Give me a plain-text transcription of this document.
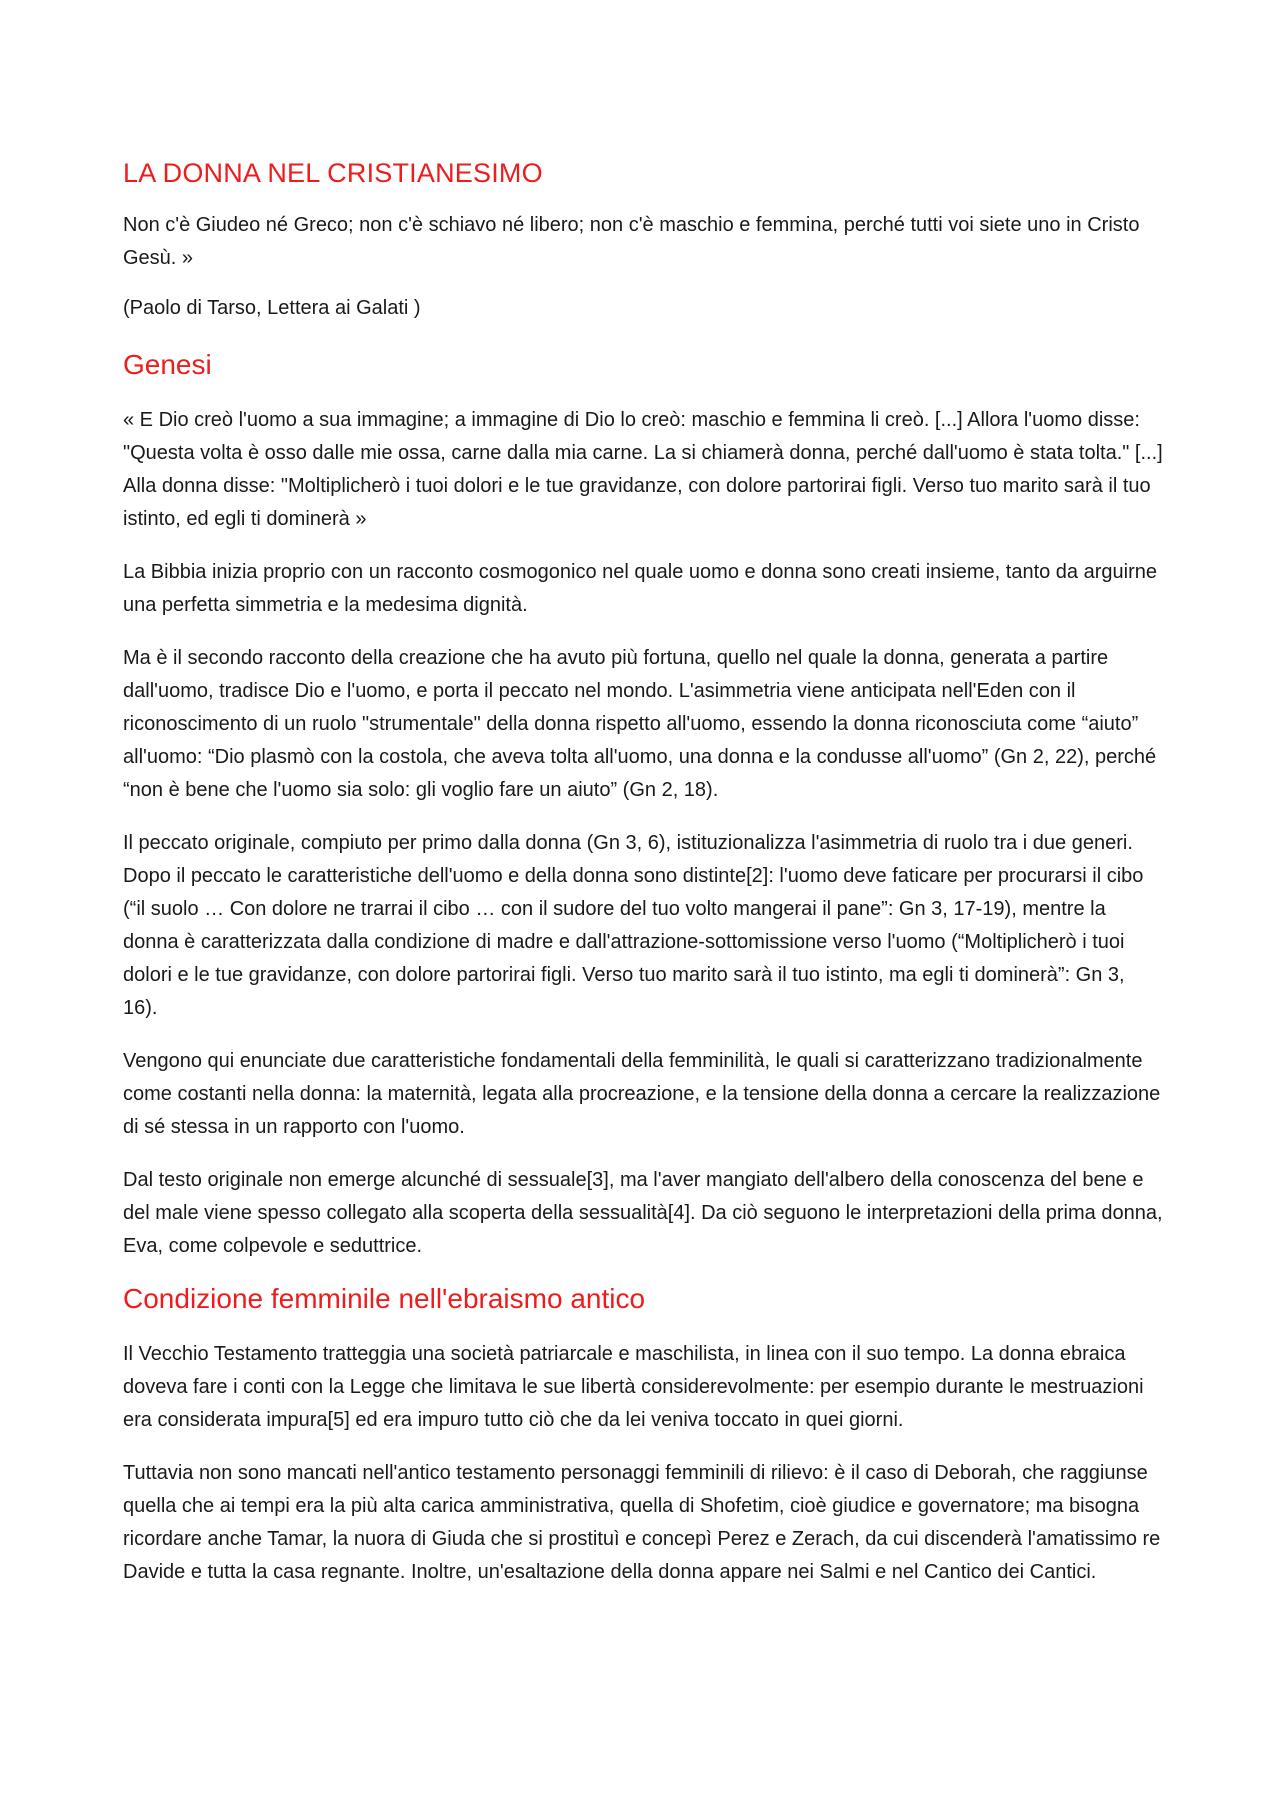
LA DONNA NEL CRISTIANESIMO

Non c'è Giudeo né Greco; non c'è schiavo né libero; non c'è maschio e femmina, perché tutti voi siete uno in Cristo Gesù. »

(Paolo di Tarso, Lettera ai Galati )

Genesi

« E Dio creò l'uomo a sua immagine; a immagine di Dio lo creò: maschio e femmina li creò. [...] Allora l'uomo disse: "Questa volta è osso dalle mie ossa, carne dalla mia carne. La si chiamerà donna, perché dall'uomo è stata tolta." [...] Alla donna disse: "Moltiplicherò i tuoi dolori e le tue gravidanze, con dolore partorirai figli. Verso tuo marito sarà il tuo istinto, ed egli ti dominerà »

La Bibbia inizia proprio con un racconto cosmogonico nel quale uomo e donna sono creati insieme, tanto da arguirne una perfetta simmetria e la medesima dignità.

Ma è il secondo racconto della creazione che ha avuto più fortuna, quello nel quale la donna, generata a partire dall'uomo, tradisce Dio e l'uomo, e porta il peccato nel mondo. L'asimmetria viene anticipata nell'Eden con il riconoscimento di un ruolo "strumentale" della donna rispetto all'uomo, essendo la donna riconosciuta come “aiuto” all'uomo: “Dio plasmò con la costola, che aveva tolta all'uomo, una donna e la condusse all'uomo” (Gn 2, 22), perché “non è bene che l'uomo sia solo: gli voglio fare un aiuto” (Gn 2, 18).

Il peccato originale, compiuto per primo dalla donna (Gn 3, 6), istituzionalizza l'asimmetria di ruolo tra i due generi. Dopo il peccato le caratteristiche dell'uomo e della donna sono distinte[2]: l'uomo deve faticare per procurarsi il cibo (“il suolo … Con dolore ne trarrai il cibo … con il sudore del tuo volto mangerai il pane”: Gn 3, 17-19), mentre la donna è caratterizzata dalla condizione di madre e dall'attrazione-sottomissione verso l'uomo (“Moltiplicherò i tuoi dolori e le tue gravidanze, con dolore partorirai figli. Verso tuo marito sarà il tuo istinto, ma egli ti dominerà”: Gn 3, 16).

Vengono qui enunciate due caratteristiche fondamentali della femminilità, le quali si caratterizzano tradizionalmente come costanti nella donna: la maternità, legata alla procreazione, e la tensione della donna a cercare la realizzazione di sé stessa in un rapporto con l'uomo.

Dal testo originale non emerge alcunché di sessuale[3], ma l'aver mangiato dell'albero della conoscenza del bene e del male viene spesso collegato alla scoperta della sessualità[4]. Da ciò seguono le interpretazioni della prima donna, Eva, come colpevole e seduttrice.

Condizione femminile nell'ebraismo antico

Il Vecchio Testamento tratteggia una società patriarcale e maschilista, in linea con il suo tempo. La donna ebraica doveva fare i conti con la Legge che limitava le sue libertà considerevolmente: per esempio durante le mestruazioni era considerata impura[5] ed era impuro tutto ciò che da lei veniva toccato in quei giorni.

Tuttavia non sono mancati nell'antico testamento personaggi femminili di rilievo: è il caso di Deborah, che raggiunse quella che ai tempi era la più alta carica amministrativa, quella di Shofetim, cioè giudice e governatore; ma bisogna ricordare anche Tamar, la nuora di Giuda che si prostituì e concepì Perez e Zerach, da cui discenderà l'amatissimo re Davide e tutta la casa regnante. Inoltre, un'esaltazione della donna appare nei Salmi e nel Cantico dei Cantici.
